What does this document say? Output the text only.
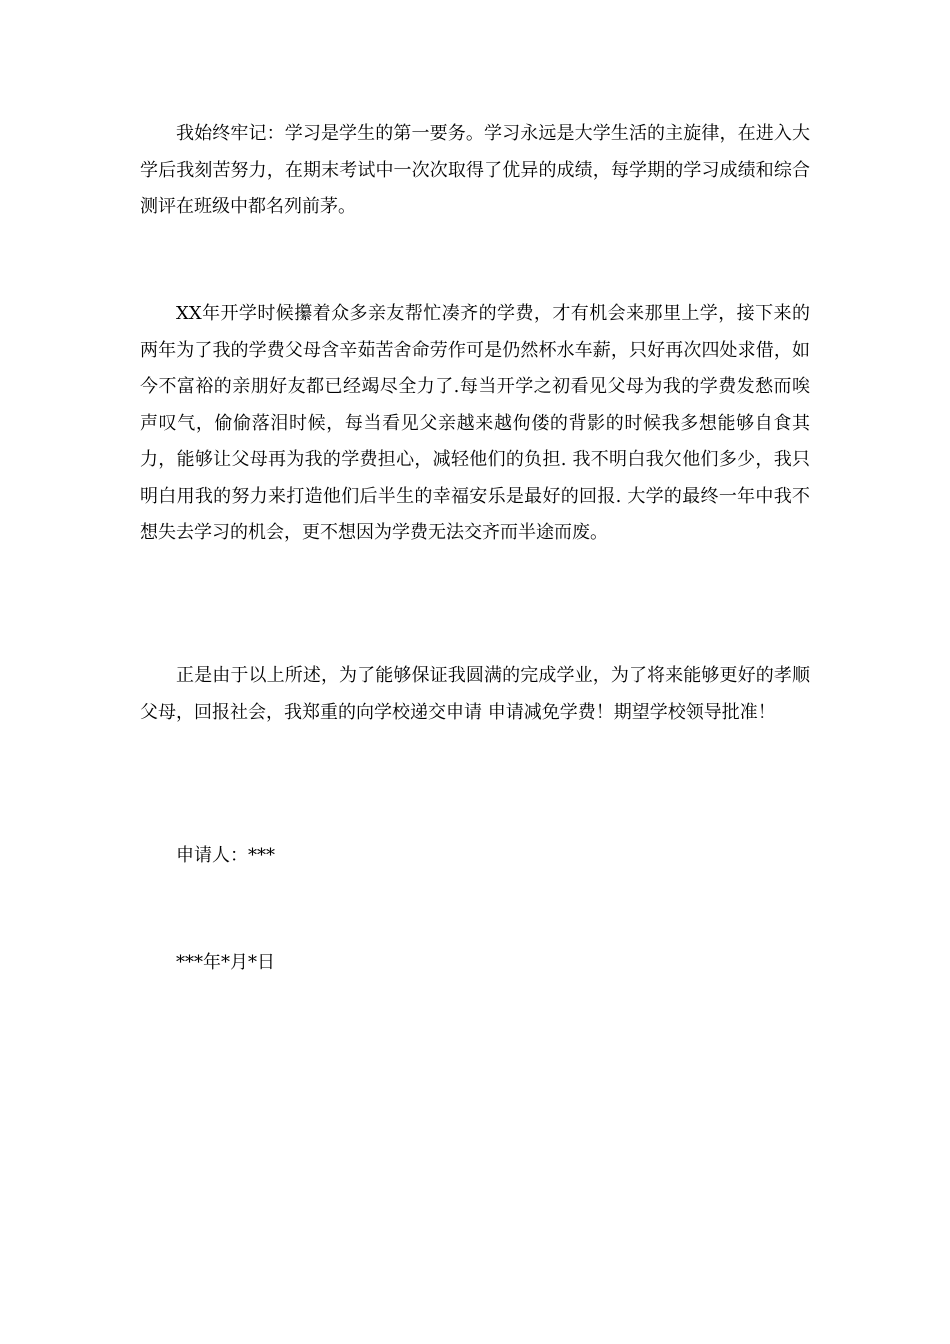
我始终牢记：学习是学生的第一要务。学习永远是大学生活的主旋律，在进入大学后我刻苦努力，在期末考试中一次次取得了优异的成绩，每学期的学习成绩和综合测评在班级中都名列前茅。

XX年开学时候攥着众多亲友帮忙凑齐的学费，才有机会来那里上学，接下来的两年为了我的学费父母含辛茹苦舍命劳作可是仍然杯水车薪，只好再次四处求借，如今不富裕的亲朋好友都已经竭尽全力了.每当开学之初看见父母为我的学费发愁而唉声叹气，偷偷落泪时候，每当看见父亲越来越佝偻的背影的时候我多想能够自食其力，能够让父母再为我的学费担心，减轻他们的负担. 我不明白我欠他们多少，我只明白用我的努力来打造他们后半生的幸福安乐是最好的回报. 大学的最终一年中我不想失去学习的机会，更不想因为学费无法交齐而半途而废。

正是由于以上所述，为了能够保证我圆满的完成学业，为了将来能够更好的孝顺父母，回报社会，我郑重的向学校递交申请 申请减免学费！期望学校领导批准！

申请人：***

***年*月*日
